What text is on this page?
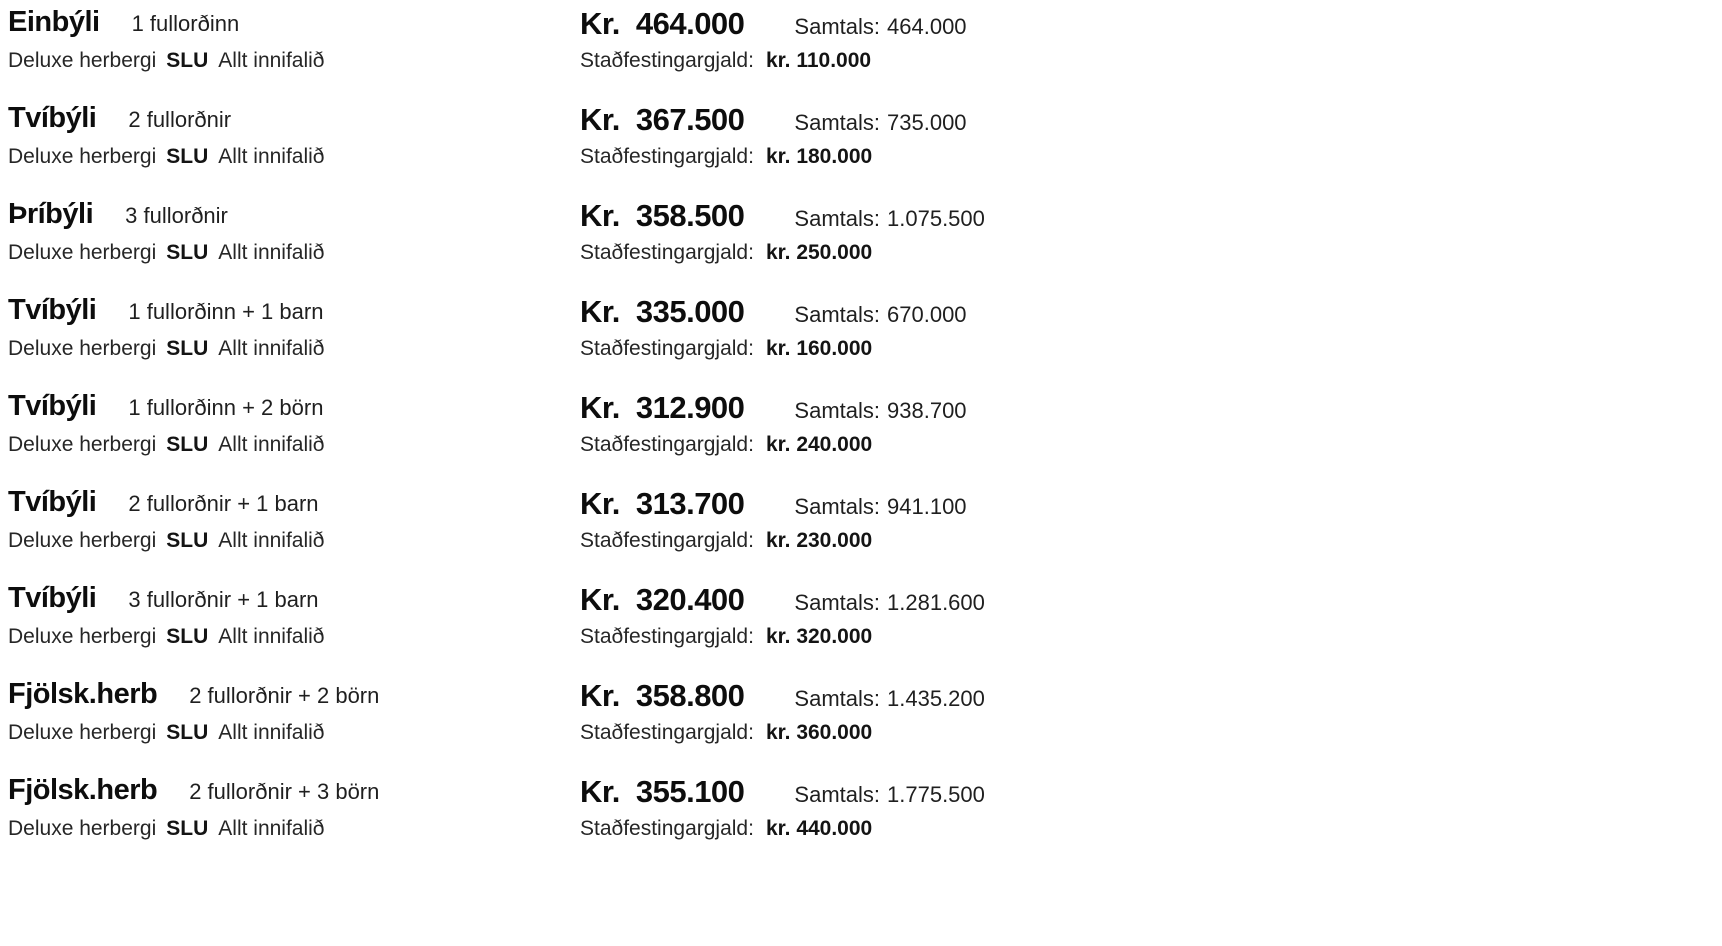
Einbýli 1 fullorðinn
Deluxe herbergi SLU Allt innifalið
Kr. 464.000 Samtals: 464.000
Staðfestingargjald: kr. 110.000
Tvíbýli 2 fullorðnir
Deluxe herbergi SLU Allt innifalið
Kr. 367.500 Samtals: 735.000
Staðfestingargjald: kr. 180.000
Þríbýli 3 fullorðnir
Deluxe herbergi SLU Allt innifalið
Kr. 358.500 Samtals: 1.075.500
Staðfestingargjald: kr. 250.000
Tvíbýli 1 fullorðinn + 1 barn
Deluxe herbergi SLU Allt innifalið
Kr. 335.000 Samtals: 670.000
Staðfestingargjald: kr. 160.000
Tvíbýli 1 fullorðinn + 2 börn
Deluxe herbergi SLU Allt innifalið
Kr. 312.900 Samtals: 938.700
Staðfestingargjald: kr. 240.000
Tvíbýli 2 fullorðnir + 1 barn
Deluxe herbergi SLU Allt innifalið
Kr. 313.700 Samtals: 941.100
Staðfestingargjald: kr. 230.000
Tvíbýli 3 fullorðnir + 1 barn
Deluxe herbergi SLU Allt innifalið
Kr. 320.400 Samtals: 1.281.600
Staðfestingargjald: kr. 320.000
Fjölsk.herb 2 fullorðnir + 2 börn
Deluxe herbergi SLU Allt innifalið
Kr. 358.800 Samtals: 1.435.200
Staðfestingargjald: kr. 360.000
Fjölsk.herb 2 fullorðnir + 3 börn
Deluxe herbergi SLU Allt innifalið
Kr. 355.100 Samtals: 1.775.500
Staðfestingargjald: kr. 440.000
